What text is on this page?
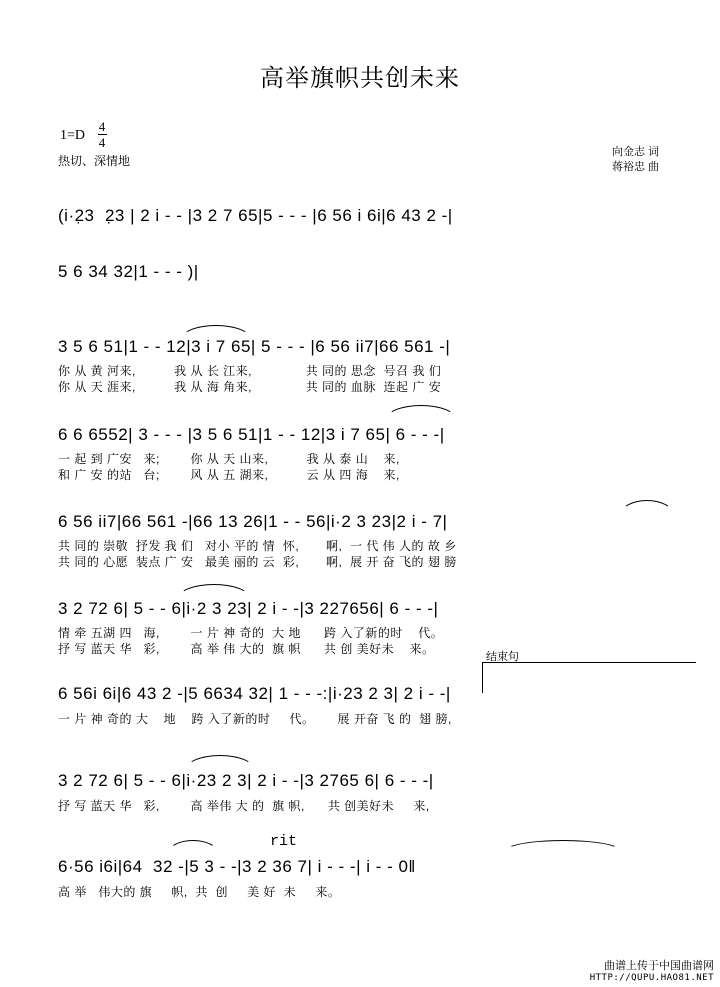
高举旗帜共创未来
1=D
4
4
热切、深情地
向金志 词
蒋裕忠 曲
(i·2̣3  2̣3 | 2 i - - |3 2 7 65|5 - - - |6 56 i 6i|6 43 2 -|
5 6 34 32|1 - - - )|
3 5 6 51|1 - - 12|3 i 7 65| 5 - - - |6 56 ii7|66 561 -|
你 从 黄 河来,          我 从 长 江来,              共 同的 思念  号召 我 们
你 从 天 涯来,          我 从 海 角来,              共 同的 血脉  连起 广 安
6 6 6552| 3 - - - |3 5 6 51|1 - - 12|3 i 7 65| 6 - - -|
一 起 到 广安   来;        你 从 天 山来,          我 从 泰 山    来,
和 广 安 的站   台;        风 从 五 湖来,          云 从 四 海    来,
6 56 ii7|66 561 -|66 13 26|1 - - 56|i·2 3 23|2 i - 7|
共 同的 崇敬  抒发 我 们   对小 平的 情  怀,       啊,  一 代 伟 人的 故 乡
共 同的 心愿  装点 广 安   最美 丽的 云  彩,       啊,  展 开 奋 飞的 翅 膀
3 2 72 6| 5 - - 6|i·2 3 23| 2 i - -|3 227656| 6 - - -|
情 牵 五湖 四   海,        一 片 神 奇的  大 地      跨 入了新的时    代。
抒 写 蓝天 华   彩,        高 举 伟 大的  旗 帜      共 创 美好未    来。
结束句
6 56i 6i|6 43 2 -|5 6634 32| 1 - - -:|i·23 2 3| 2 i - -|
一 片 神 奇的 大    地    跨 入了新的时     代。      展 开奋 飞 的  翅 膀,
3 2 72 6| 5 - - 6|i·23 2 3| 2 i - -|3 2765 6| 6 - - -|
抒 写 蓝天 华   彩,        高 举伟 大 的  旗 帜,      共 创美好未     来,
rit
6·56 i6i|64  32 -|5 3 - -|3 2 36 7| i - - -| i - - 0‖
高 举   伟大的 旗     帜,  共  创     美 好  未     来。
曲谱上传于中国曲谱网
HTTP://QUPU.HAO81.NET
